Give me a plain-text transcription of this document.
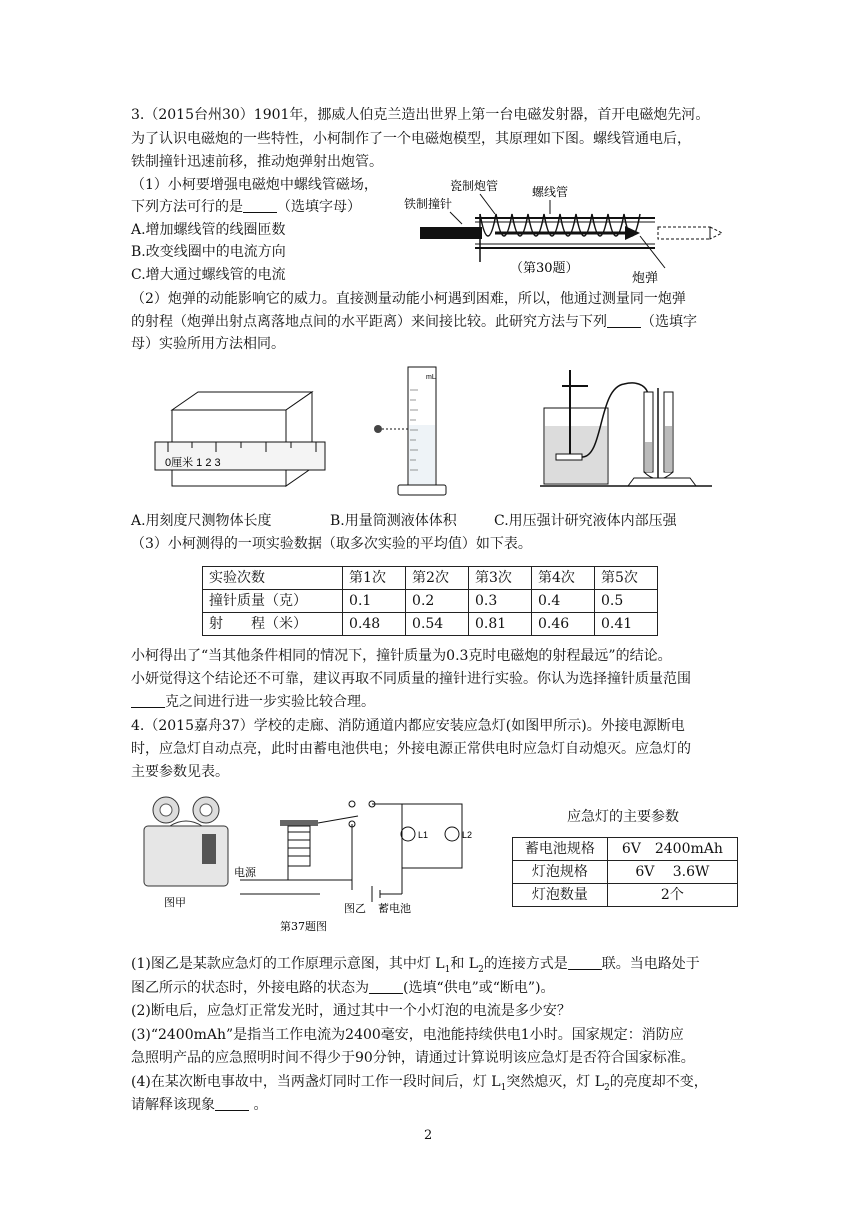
3.（2015台州30）1901年，挪威人伯克兰造出世界上第一台电磁发射器，首开电磁炮先河。
为了认识电磁炮的一些特性，小柯制作了一个电磁炮模型，其原理如下图。螺线管通电后，
铁制撞针迅速前移，推动炮弹射出炮管。
（1）小柯要增强电磁炮中螺线管磁场，
下列方法可行的是 （选填字母）
A.增加螺线管的线圈匝数
B.改变线圈中的电流方向
C.增大通过螺线管的电流
瓷制炮管	螺线管
铁制撞针
（第30题）
炮弹
（2）炮弹的动能影响它的威力。直接测量动能小柯遇到困难，所以，他通过测量同一炮弹
的射程（炮弹出射点离落地点间的水平距离）来间接比较。此研究方法与下列 （选填字
母）实验所用方法相同。
0厘米 1 2 3
mL
A.用刻度尺测物体长度	B.用量筒测液体体积	C.用压强计研究液体内部压强
（3）小柯测得的一项实验数据（取多次实验的平均值）如下表。
实验次数	第1次	第2次	第3次	第4次	第5次
撞针质量（克）	0.1	0.2	0.3	0.4	0.5
射　　程（米）	0.48	0.54	0.81	0.46	0.41
小柯得出了“当其他条件相同的情况下，撞针质量为0.3克时电磁炮的射程最远”的结论。
小妍觉得这个结论还不可靠，建议再取不同质量的撞针进行实验。你认为选择撞针质量范围
克之间进行进一步实验比较合理。
4.（2015嘉舟37）学校的走廊、消防通道内都应安装应急灯(如图甲所示)。外接电源断电
时，应急灯自动点亮，此时由蓄电池供电；外接电源正常供电时应急灯自动熄灭。应急灯的
主要参数见表。
图甲
L1	L2
电源
图乙 蓄电池
第37题图
应急灯的主要参数
蓄电池规格	6V　2400mAh
灯泡规格	6V　 3.6W
灯泡数量	2个
(1)图乙是某款应急灯的工作原理示意图，其中灯 $L_1$和 $L_2$的连接方式是 联。当电路处于
图乙所示的状态时，外接电路的状态为 (选填“供电”或“断电”)。
(2)断电后，应急灯正常发光时，通过其中一个小灯泡的电流是多少安？
(3)“2400mAh”是指当工作电流为2400毫安，电池能持续供电1小时。国家规定：消防应
急照明产品的应急照明时间不得少于90分钟，请通过计算说明该应急灯是否符合国家标准。
(4)在某次断电事故中，当两盏灯同时工作一段时间后，灯 $L_1$突然熄灭，灯 $L_2$的亮度却不变，
请解释该现象 。
2
